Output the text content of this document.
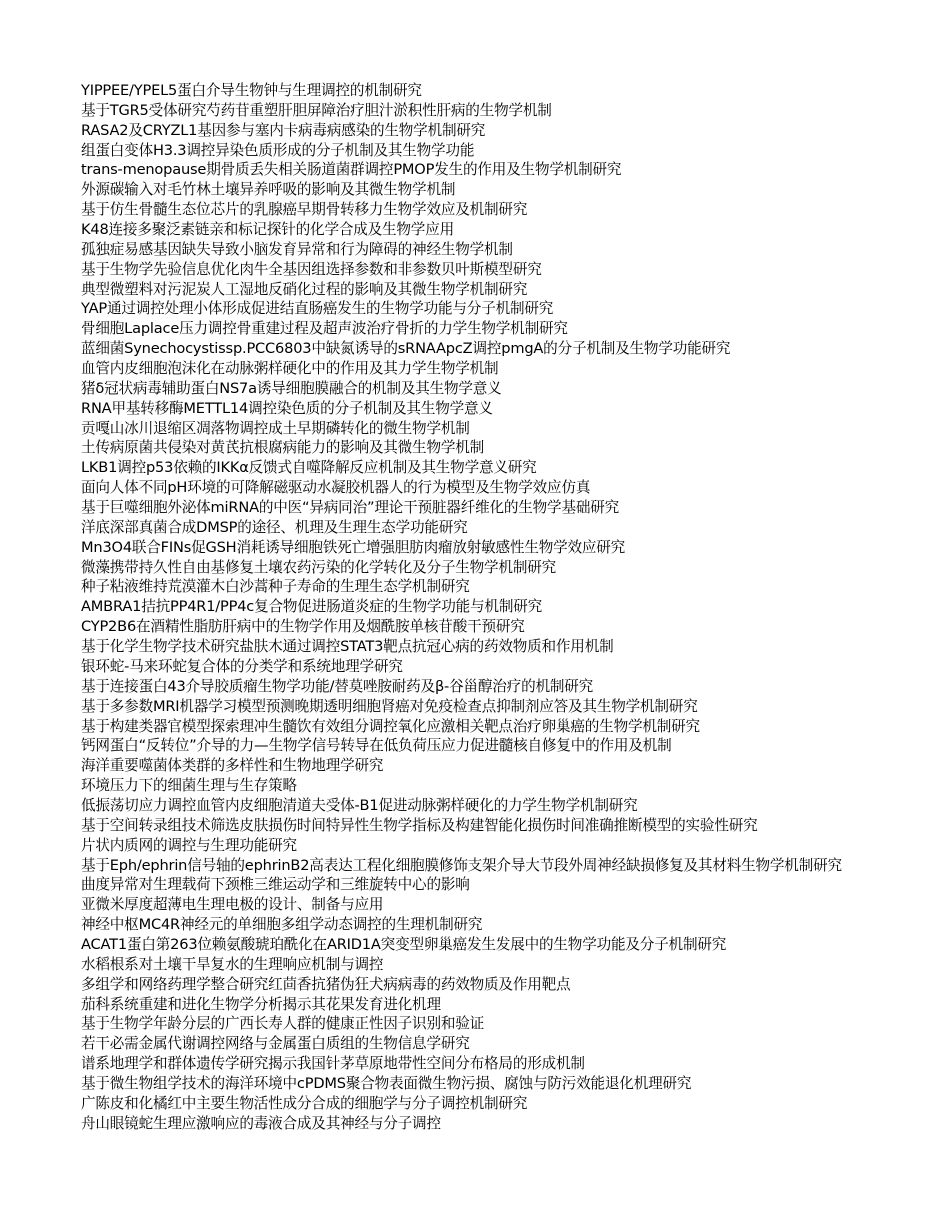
YIPPEE/YPEL5蛋白介导生物钟与生理调控的机制研究
基于TGR5受体研究芍药苷重塑肝胆屏障治疗胆汁淤积性肝病的生物学机制
RASA2及CRYZL1基因参与塞内卡病毒病感染的生物学机制研究
组蛋白变体H3.3调控异染色质形成的分子机制及其生物学功能
trans-menopause期骨质丢失相关肠道菌群调控PMOP发生的作用及生物学机制研究
外源碳输入对毛竹林土壤异养呼吸的影响及其微生物学机制
基于仿生骨髓生态位芯片的乳腺癌早期骨转移力生物学效应及机制研究
K48连接多聚泛素链亲和标记探针的化学合成及生物学应用
孤独症易感基因缺失导致小脑发育异常和行为障碍的神经生物学机制
基于生物学先验信息优化肉牛全基因组选择参数和非参数贝叶斯模型研究
典型微塑料对污泥炭人工湿地反硝化过程的影响及其微生物学机制研究
YAP通过调控处理小体形成促进结直肠癌发生的生物学功能与分子机制研究
骨细胞Laplace压力调控骨重建过程及超声波治疗骨折的力学生物学机制研究
蓝细菌Synechocystissp.PCC6803中缺氮诱导的sRNAApcZ调控pmgA的分子机制及生物学功能研究
血管内皮细胞泡沫化在动脉粥样硬化中的作用及其力学生物学机制
猪δ冠状病毒辅助蛋白NS7a诱导细胞膜融合的机制及其生物学意义
RNA甲基转移酶METTL14调控染色质的分子机制及其生物学意义
贡嘎山冰川退缩区凋落物调控成土早期磷转化的微生物学机制
土传病原菌共侵染对黄芪抗根腐病能力的影响及其微生物学机制
LKB1调控p53依赖的IKKα反馈式自噬降解反应机制及其生物学意义研究
面向人体不同pH环境的可降解磁驱动水凝胶机器人的行为模型及生物学效应仿真
基于巨噬细胞外泌体miRNA的中医“异病同治”理论干预脏器纤维化的生物学基础研究
洋底深部真菌合成DMSP的途径、机理及生理生态学功能研究
Mn3O4联合FINs促GSH消耗诱导细胞铁死亡增强胆肪肉瘤放射敏感性生物学效应研究
微藻携带持久性自由基修复土壤农药污染的化学转化及分子生物学机制研究
种子粘液维持荒漠灌木白沙蒿种子寿命的生理生态学机制研究
AMBRA1拮抗PP4R1/PP4c复合物促进肠道炎症的生物学功能与机制研究
CYP2B6在酒精性脂肪肝病中的生物学作用及烟酰胺单核苷酸干预研究
基于化学生物学技术研究盐肤木通过调控STAT3靶点抗冠心病的药效物质和作用机制
银环蛇-马来环蛇复合体的分类学和系统地理学研究
基于连接蛋白43介导胶质瘤生物学功能/替莫唑胺耐药及β-谷甾醇治疗的机制研究
基于多参数MRI机器学习模型预测晚期透明细胞肾癌对免疫检查点抑制剂应答及其生物学机制研究
基于构建类器官模型探索理冲生髓饮有效组分调控氧化应激相关靶点治疗卵巢癌的生物学机制研究
钙网蛋白“反转位”介导的力—生物学信号转导在低负荷压应力促进髓核自修复中的作用及机制
海洋重要噬菌体类群的多样性和生物地理学研究
环境压力下的细菌生理与生存策略
低振荡切应力调控血管内皮细胞清道夫受体-B1促进动脉粥样硬化的力学生物学机制研究
基于空间转录组技术筛选皮肤损伤时间特异性生物学指标及构建智能化损伤时间准确推断模型的实验性研究
片状内质网的调控与生理功能研究
基于Eph/ephrin信号轴的ephrinB2高表达工程化细胞膜修饰支架介导大节段外周神经缺损修复及其材料生物学机制研究
曲度异常对生理载荷下颈椎三维运动学和三维旋转中心的影响
亚微米厚度超薄电生理电极的设计、制备与应用
神经中枢MC4R神经元的单细胞多组学动态调控的生理机制研究
ACAT1蛋白第263位赖氨酸琥珀酰化在ARID1A突变型卵巢癌发生发展中的生物学功能及分子机制研究
水稻根系对土壤干旱复水的生理响应机制与调控
多组学和网络药理学整合研究红茴香抗猪伪狂犬病病毒的药效物质及作用靶点
茄科系统重建和进化生物学分析揭示其花果发育进化机理
基于生物学年龄分层的广西长寿人群的健康正性因子识别和验证
若干必需金属代谢调控网络与金属蛋白质组的生物信息学研究
谱系地理学和群体遗传学研究揭示我国针茅草原地带性空间分布格局的形成机制
基于微生物组学技术的海洋环境中cPDMS聚合物表面微生物污损、腐蚀与防污效能退化机理研究
广陈皮和化橘红中主要生物活性成分合成的细胞学与分子调控机制研究
舟山眼镜蛇生理应激响应的毒液合成及其神经与分子调控
